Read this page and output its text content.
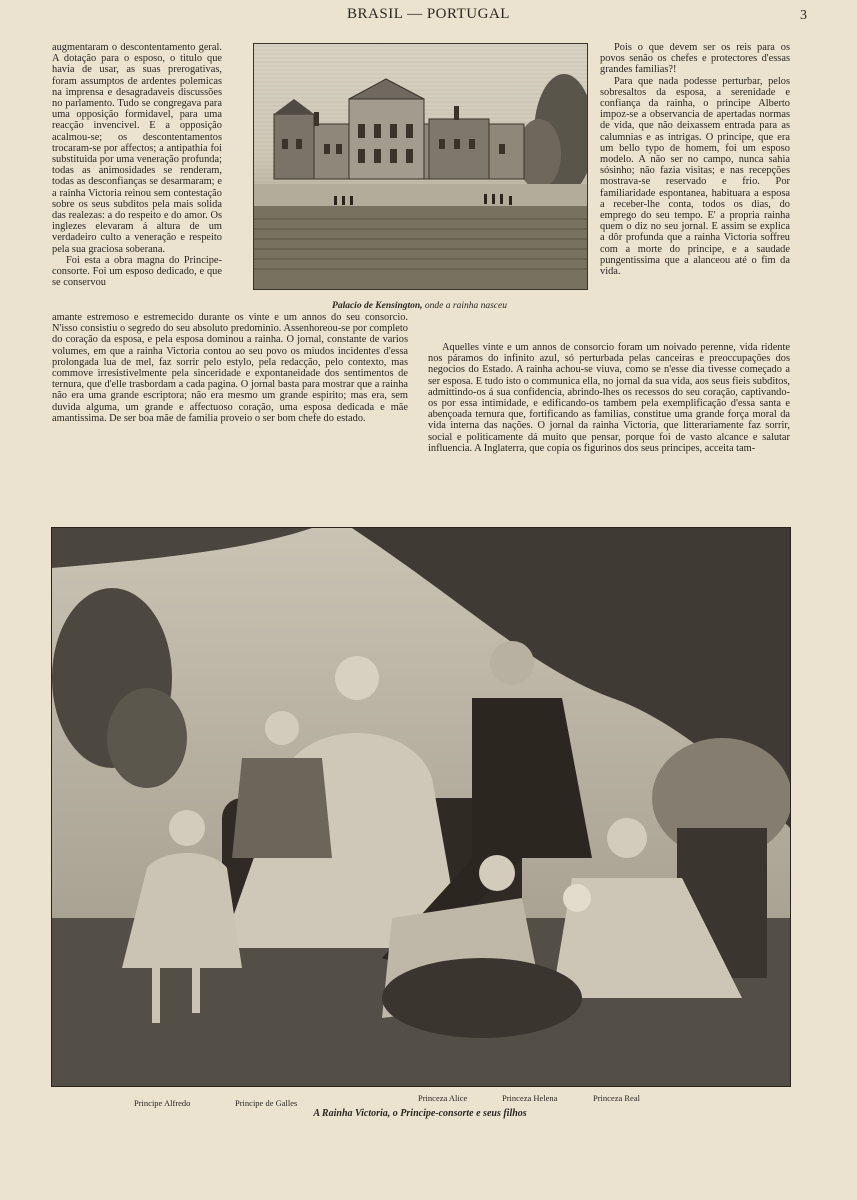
BRASIL — PORTUGAL	3

augmentaram o descontentamento geral. A dotação para o esposo, o titulo que havia de usar, as suas prerogativas, foram assumptos de ardentes polemicas na imprensa e desagradaveis discussões no parlamento. Tudo se congregava para uma opposição formidavel, para uma reacção invencivel. E a opposição acalmou-se; os descontentamentos trocaram-se por affectos; a antipathia foi substituida por uma veneração profunda; todas as animosidades se renderam, todas as desconfianças se desarmaram; e a rainha Victoria reinou sem contestação sobre os seus subditos pela mais solida das realezas: a do respeito e do amor. Os inglezes elevaram á altura de um verdadeiro culto a veneração e respeito pela sua graciosa soberana.

Foi esta a obra magna do Principe-consorte. Foi um esposo dedicado, e que se conservou

Palacio de Kensington, onde a rainha nasceu

Pois o que devem ser os reis para os povos senão os chefes e protectores d'essas grandes familias?!

Para que nada podesse perturbar, pelos sobresaltos da esposa, a serenidade e confiança da rainha, o principe Alberto impoz-se a observancia de apertadas normas de vida, que não deixassem entrada para as calumnias e as intrigas. O principe, que era um bello typo de homem, foi um esposo modelo. A não ser no campo, nunca sahia sósinho; não fazia visitas; e nas recepções mostrava-se reservado e frio. Por familiaridade espontanea, habituara a esposa a receber-lhe conta, todos os dias, do emprego do seu tempo. E' a propria rainha quem o diz no seu jornal. E assim se explica a dôr profunda que a rainha Victoria soffreu com a morte do principe, e a saudade pungentissima que a alanceou até o fim da vida.

amante estremoso e estremecido durante os vinte e um annos do seu consorcio. N'isso consistiu o segredo do seu absoluto predominio. Assenhoreou-se por completo do coração da esposa, e pela esposa dominou a rainha. O jornal, constante de varios volumes, em que a rainha Victoria contou ao seu povo os miudos incidentes d'essa prolongada lua de mel, faz sorrir pelo estylo, pela redacção, pelo contexto, mas commove irresistivelmente pela sinceridade e expontaneidade dos sentimentos de ternura, que d'elle trasbordam a cada pagina. O jornal basta para mostrar que a rainha não era uma grande escriptora; não era mesmo um grande espirito; mas era, sem duvida alguma, um grande e affectuoso coração, uma esposa dedicada e mãe amantissima. De ser boa mãe de familia proveio o ser bom chefe do estado.

Aquelles vinte e um annos de consorcio foram um noivado perenne, vida ridente nos páramos do infinito azul, só perturbada pelas canceiras e preoccupações dos negocios do Estado. A rainha achou-se viuva, como se n'esse dia tivesse começado a ser esposa. E tudo isto o communica ella, no jornal da sua vida, aos seus fieis subditos, admittindo-os á sua confidencia, abrindo-lhes os recessos do seu coração, captivando-os por essa intimidade, e edificando-os tambem pela exemplificação d'essa santa e abençoada ternura que, fortificando as familias, constitue uma grande força moral da vida interna das nações. O jornal da rainha Victoria, que litterariamente faz sorrir, social e politicamente dá muito que pensar, porque foi de vasto alcance e salutar influencia. A Inglaterra, que copia os figurinos dos seus principes, acceita tam-

Principe Alfredo	Principe de Galles	Princeza Alice	Princeza Helena	Princeza Real
A Rainha Victoria, o Principe-consorte e seus filhos
